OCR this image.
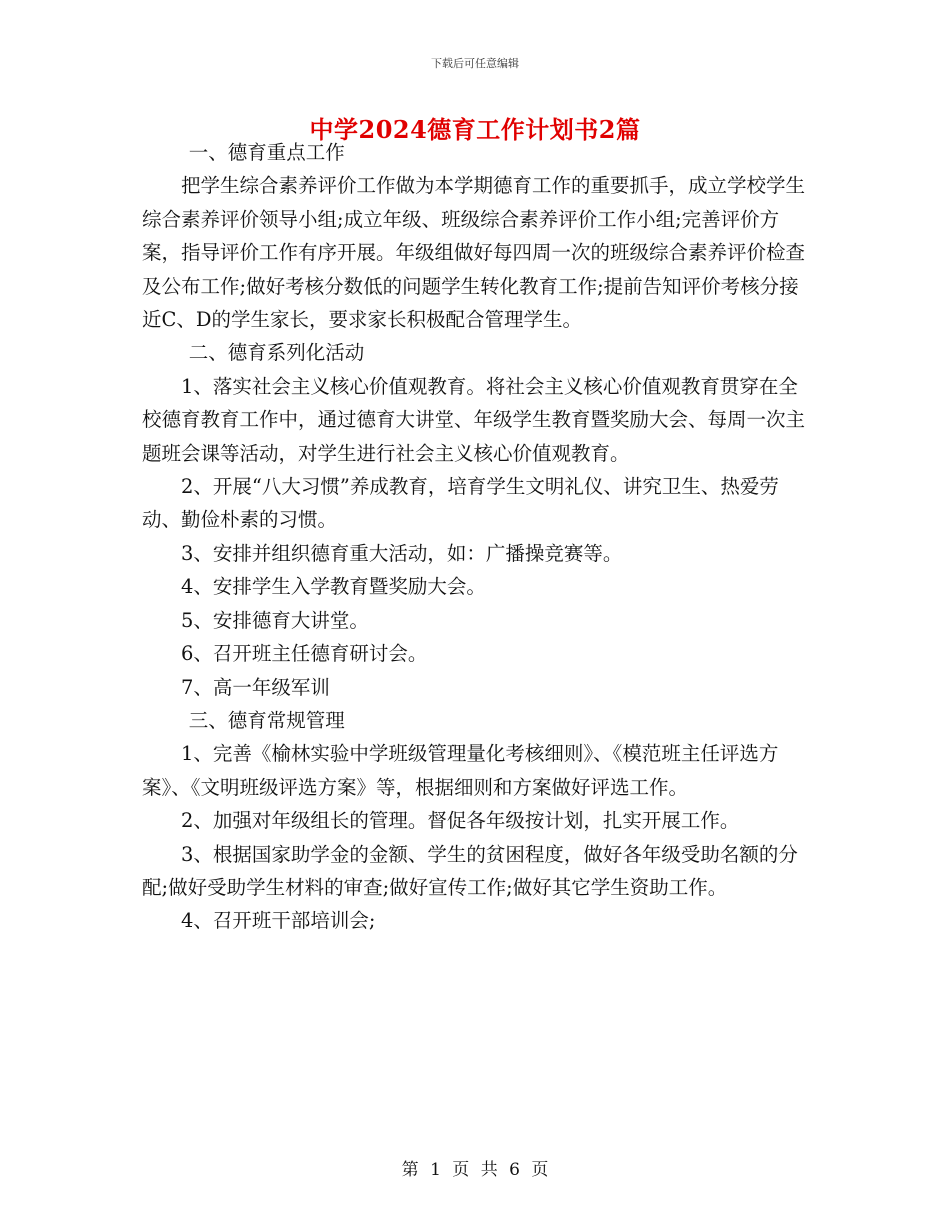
下载后可任意编辑
中学2024德育工作计划书2篇

一、德育重点工作

把学生综合素养评价工作做为本学期德育工作的重要抓手，成立学校学生综合素养评价领导小组;成立年级、班级综合素养评价工作小组;完善评价方案，指导评价工作有序开展。年级组做好每四周一次的班级综合素养评价检查及公布工作;做好考核分数低的问题学生转化教育工作;提前告知评价考核分接近C、D的学生家长，要求家长积极配合管理学生。

二、德育系列化活动

1、落实社会主义核心价值观教育。将社会主义核心价值观教育贯穿在全校德育教育工作中，通过德育大讲堂、年级学生教育暨奖励大会、每周一次主题班会课等活动，对学生进行社会主义核心价值观教育。

2、开展“八大习惯”养成教育，培育学生文明礼仪、讲究卫生、热爱劳动、勤俭朴素的习惯。

3、安排并组织德育重大活动，如：广播操竞赛等。

4、安排学生入学教育暨奖励大会。

5、安排德育大讲堂。

6、召开班主任德育研讨会。

7、高一年级军训

三、德育常规管理

1、完善《榆林实验中学班级管理量化考核细则》、《模范班主任评选方案》、《文明班级评选方案》等，根据细则和方案做好评选工作。

2、加强对年级组长的管理。督促各年级按计划，扎实开展工作。

3、根据国家助学金的金额、学生的贫困程度，做好各年级受助名额的分配;做好受助学生材料的审查;做好宣传工作;做好其它学生资助工作。

4、召开班干部培训会;

第 1 页 共 6 页
